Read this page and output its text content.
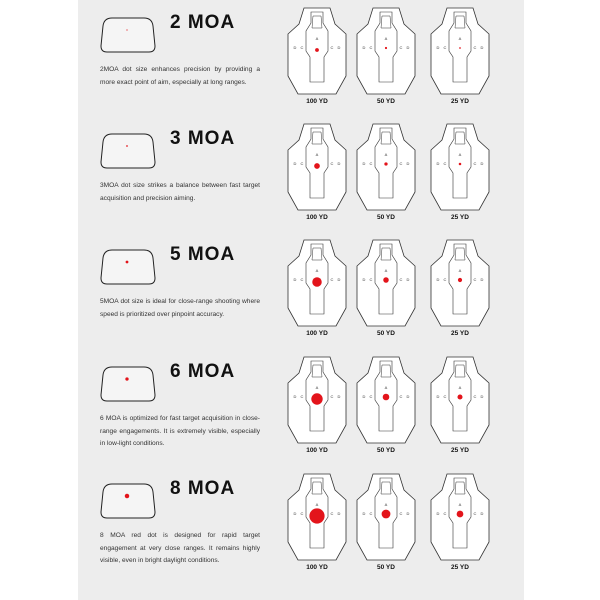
2 MOA
2MOA dot size enhances precision by providing a more exact point of aim, especially at long ranges.
D C
A
C D
100 YD
D C
A
C D
50 YD
D C
A
C D
25 YD
3 MOA
3MOA dot size strikes a balance between fast target acquisition and precision aiming.
D C
A
C D
100 YD
D C
A
C D
50 YD
D C
A
C D
25 YD
5 MOA
5MOA dot size is ideal for close-range shooting where speed is prioritized over pinpoint accuracy.
D C
A
C D
100 YD
D C
A
C D
50 YD
D C
A
C D
25 YD
6 MOA
6 MOA is optimized for fast target acquisition in close-range engagements. It is extremely visible, especially in low-light conditions.
D C
A
C D
100 YD
D C
A
C D
50 YD
D C
A
C D
25 YD
8 MOA
8 MOA red dot is designed for rapid target engagement at very close ranges. It remains highly visible, even in bright daylight conditions.
D C
A
C D
100 YD
D C
A
C D
50 YD
D C
A
C D
25 YD
